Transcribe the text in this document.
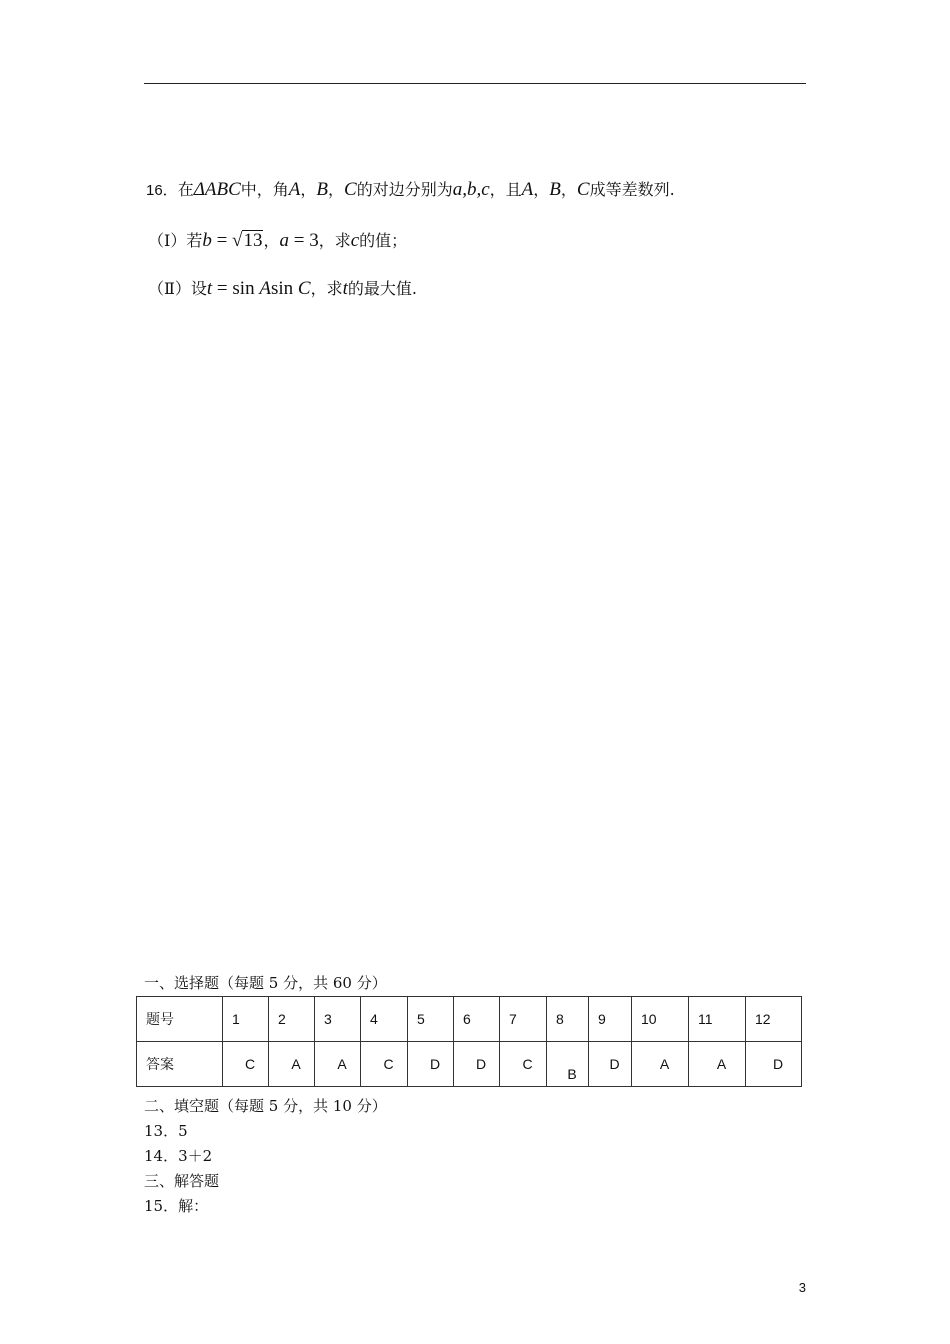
16．在ΔABC中，角A，B，C的对边分别为a,b,c，且A，B，C成等差数列.
（Ⅰ）若b = √13，a = 3，求c的值；
（Ⅱ）设t = sin Asin C，求t的最大值.
一、选择题（每题 5 分，共 60 分）
题号	1	2	3	4	5	6	7	8	9	10	11	12

答案	C	A	A	C	D	D	C	B	D	A	A	D
二、填空题（每题 5 分，共 10 分）
13．5
14．3＋2
三、解答题
15．解：
3
